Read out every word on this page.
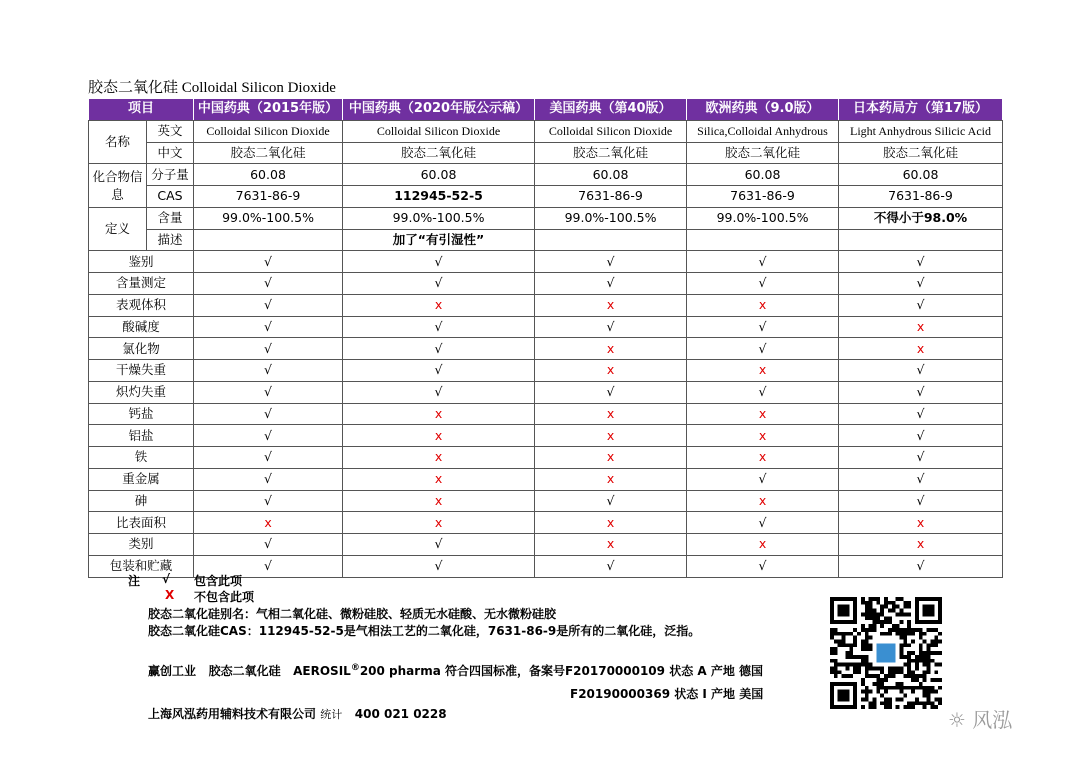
胶态二氧化硅 Colloidal Silicon Dioxide
项目		中国药典（2015年版）	中国药典（2020年版公示稿）	美国药典（第40版）	欧洲药典（9.0版）	日本药局方（第17版）
名称	英文	Colloidal Silicon Dioxide	Colloidal Silicon Dioxide	Colloidal Silicon Dioxide	Silica,Colloidal Anhydrous	Light Anhydrous Silicic Acid
	中文	胶态二氧化硅	胶态二氧化硅	胶态二氧化硅	胶态二氧化硅	胶态二氧化硅
化合物信息	分子量	60.08	60.08	60.08	60.08	60.08
	CAS	7631-86-9	112945-52-5	7631-86-9	7631-86-9	7631-86-9
定义	含量	99.0%-100.5%	99.0%-100.5%	99.0%-100.5%	99.0%-100.5%	不得小于98.0%
	描述		加了“有引湿性”			
鉴别		√	√	√	√	√
含量测定		√	√	√	√	√
表观体积		√	x	x	x	√
酸碱度		√	√	√	√	x
氯化物		√	√	x	√	x
干燥失重		√	√	x	x	√
炽灼失重		√	√	√	√	√
钙盐		√	x	x	x	√
铝盐		√	x	x	x	√
铁		√	x	x	x	√
重金属		√	x	x	√	√
砷		√	x	√	x	√
比表面积		x	x	x	√	x
类别		√	√	x	x	x
包装和贮藏		√	√	√	√	√
注 √ 包含此项
X 不包含此项
胶态二氧化硅别名：气相二氧化硅、微粉硅胶、轻质无水硅酸、无水微粉硅胶
胶态二氧化硅CAS：112945-52-5是气相法工艺的二氧化硅，7631-86-9是所有的二氧化硅，泛指。
赢创工业 胶态二氧化硅 AEROSIL®200 pharma 符合四国标准，备案号F20170000109 状态 A 产地 德国
F20190000369 状态 I 产地 美国
上海风泓药用辅料技术有限公司 统计 400 021 0228	☼ 风泓
